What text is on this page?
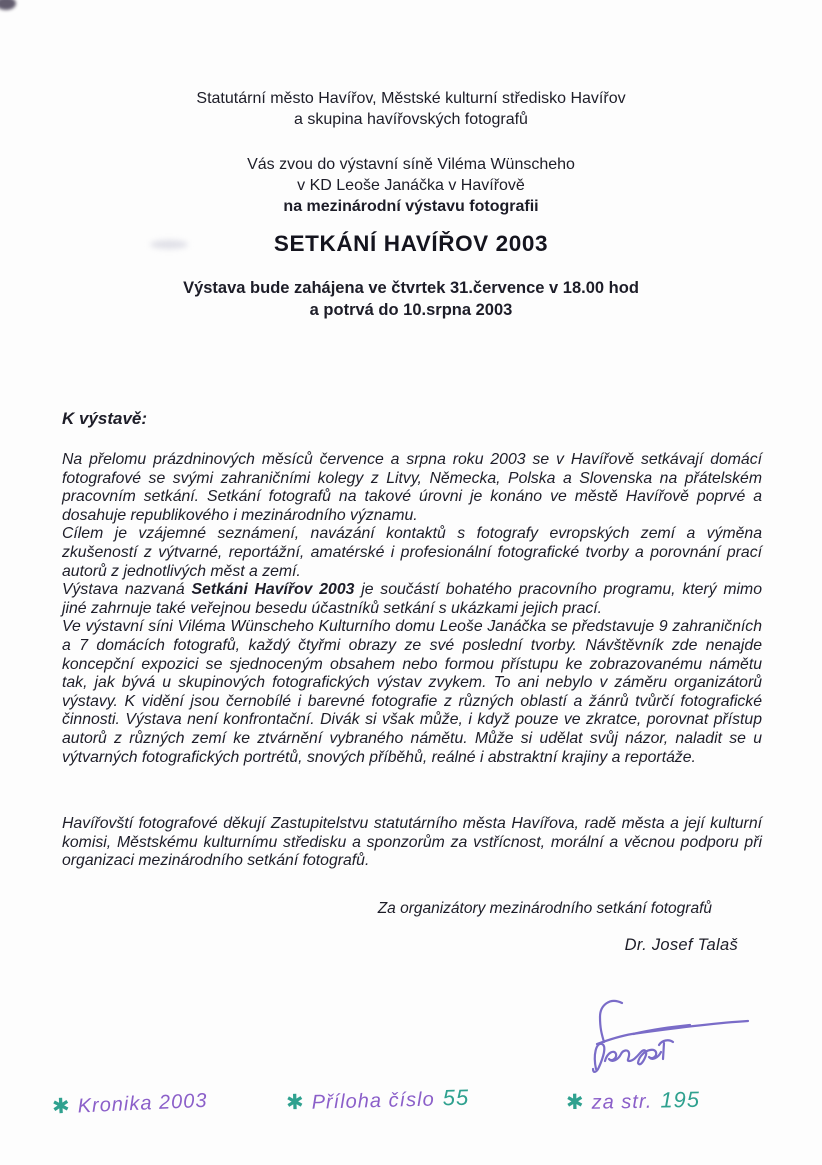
Statutární město Havířov, Městské kulturní středisko Havířov

a skupina havířovských fotografů

Vás zvou do výstavní síně Viléma Wünscheho

v KD Leoše Janáčka v Havířově

na mezinárodní výstavu fotografii

SETKÁNÍ HAVÍŘOV 2003

Výstava bude zahájena ve čtvrtek 31.července v 18.00 hod

a potrvá do 10.srpna 2003

K výstavě:

Na přelomu prázdninových měsíců července a srpna roku 2003 se v Havířově setkávají domácí fotografové se svými zahraničními kolegy z Litvy, Německa, Polska a Slovenska na přátelském pracovním setkání. Setkání fotografů na takové úrovni je konáno ve městě Havířově poprvé a dosahuje republikového i mezinárodního významu.

Cílem je vzájemné seznámení, navázání kontaktů s fotografy evropských zemí a výměna zkušeností z výtvarné, reportážní, amatérské i profesionální fotografické tvorby a porovnání prací autorů z jednotlivých měst a zemí.

Výstava nazvaná Setkáni Havířov 2003 je součástí bohatého pracovního programu, který mimo jiné zahrnuje také veřejnou besedu účastníků setkání s ukázkami jejich prací.

Ve výstavní síni Viléma Wünscheho Kulturního domu Leoše Janáčka se představuje 9 zahraničních a 7 domácích fotografů, každý čtyřmi obrazy ze své poslední tvorby. Návštěvník zde nenajde koncepční expozici se sjednoceným obsahem nebo formou přístupu ke zobrazovanému námětu tak, jak bývá u skupinových fotografických výstav zvykem. To ani nebylo v záměru organizátorů výstavy. K vidění jsou černobílé i barevné fotografie z různých oblastí a žánrů tvůrčí fotografické činnosti. Výstava není konfrontační. Divák si však může, i když pouze ve zkratce, porovnat přístup autorů z různých zemí ke ztvárnění vybraného námětu. Může si udělat svůj názor, naladit se u výtvarných fotografických portrétů, snových příběhů, reálné i abstraktní krajiny a reportáže.

Havířovští fotografové děkují Zastupitelstvu statutárního města Havířova, radě města a její kulturní komisi, Městskému kulturnímu středisku a sponzorům za vstřícnost, morální a věcnou podporu při organizaci mezinárodního setkání fotografů.

Za organizátory mezinárodního setkání fotografů

Dr. Josef Talaš

✱ Kronika 2003	✱ Příloha číslo 55	✱ za str. 195
